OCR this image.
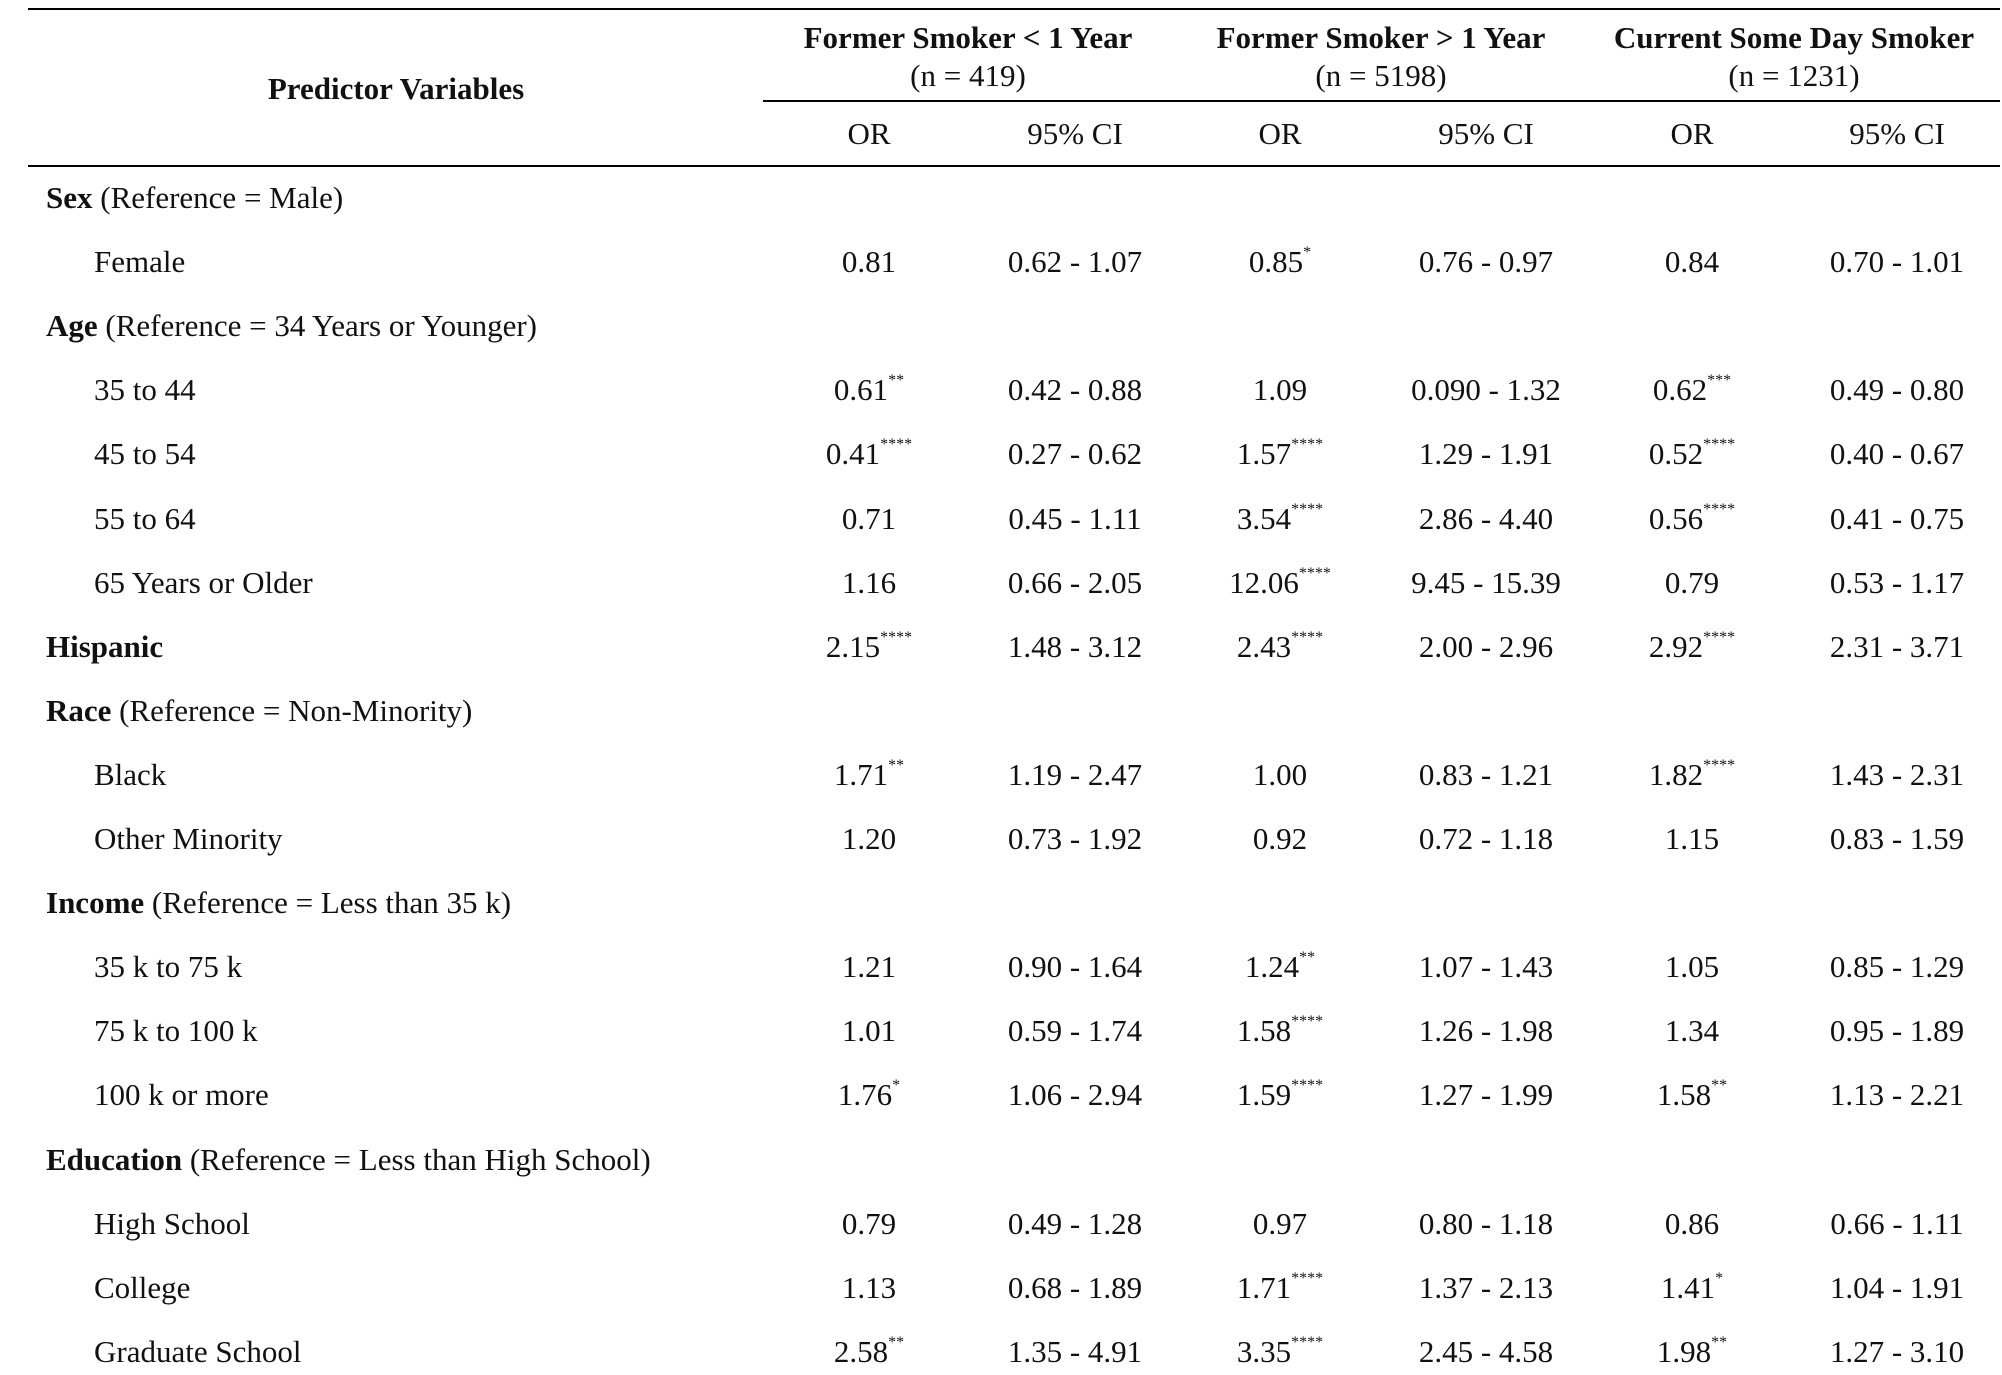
Predictor Variables
Former Smoker < 1 Year
(n = 419)
Former Smoker > 1 Year
(n = 5198)
Current Some Day Smoker
(n = 1231)
OR	95% CI	OR	95% CI	OR	95% CI
Sex (Reference = Male)
Female	0.81	0.62 - 1.07	0.85*	0.76 - 0.97	0.84	0.70 - 1.01
Age (Reference = 34 Years or Younger)
35 to 44	0.61**	0.42 - 0.88	1.09	0.090 - 1.32	0.62***	0.49 - 0.80
45 to 54	0.41****	0.27 - 0.62	1.57****	1.29 - 1.91	0.52****	0.40 - 0.67
55 to 64	0.71	0.45 - 1.11	3.54****	2.86 - 4.40	0.56****	0.41 - 0.75
65 Years or Older	1.16	0.66 - 2.05	12.06****	9.45 - 15.39	0.79	0.53 - 1.17
Hispanic	2.15****	1.48 - 3.12	2.43****	2.00 - 2.96	2.92****	2.31 - 3.71
Race (Reference = Non-Minority)
Black	1.71**	1.19 - 2.47	1.00	0.83 - 1.21	1.82****	1.43 - 2.31
Other Minority	1.20	0.73 - 1.92	0.92	0.72 - 1.18	1.15	0.83 - 1.59
Income (Reference = Less than 35 k)
35 k to 75 k	1.21	0.90 - 1.64	1.24**	1.07 - 1.43	1.05	0.85 - 1.29
75 k to 100 k	1.01	0.59 - 1.74	1.58****	1.26 - 1.98	1.34	0.95 - 1.89
100 k or more	1.76*	1.06 - 2.94	1.59****	1.27 - 1.99	1.58**	1.13 - 2.21
Education (Reference = Less than High School)
High School	0.79	0.49 - 1.28	0.97	0.80 - 1.18	0.86	0.66 - 1.11
College	1.13	0.68 - 1.89	1.71****	1.37 - 2.13	1.41*	1.04 - 1.91
Graduate School	2.58**	1.35 - 4.91	3.35****	2.45 - 4.58	1.98**	1.27 - 3.10
